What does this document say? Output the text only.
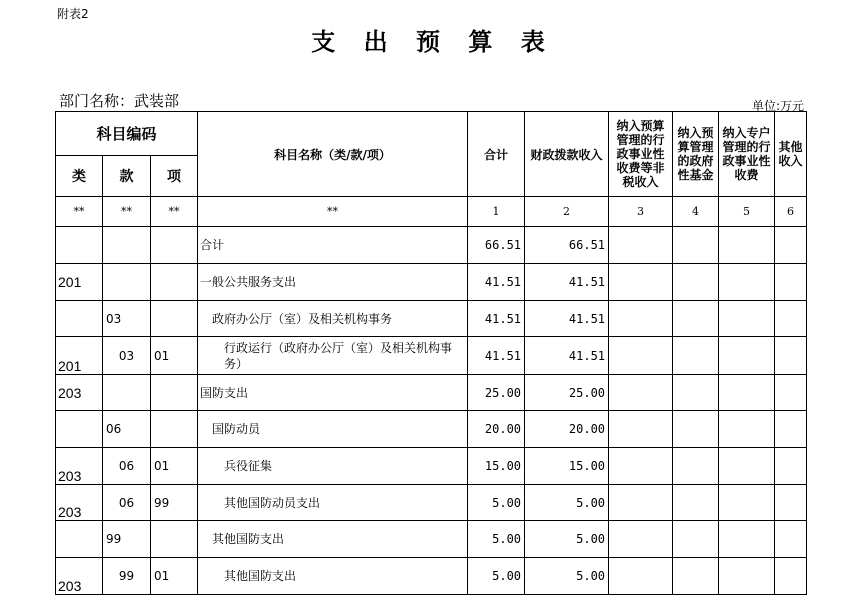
附表2
支 出 预 算 表
部门名称：武装部	单位:万元
科目编码			科目名称（类/款/项）	合计	财政拨款收入	纳入预算管理的行政事业性收费等非税收入	纳入预算管理的政府性基金	纳入专户管理的行政事业性收费	其他收入
类	款	项							
**	**	**	**	1	2	3	4	5	6
			合计	66.51	66.51				
201			一般公共服务支出	41.51	41.51				
	03		政府办公厅（室）及相关机构事务	41.51	41.51				
201	03	01	行政运行（政府办公厅（室）及相关机构事务）	41.51	41.51				
203			国防支出	25.00	25.00				
	06		国防动员	20.00	20.00				
203	06	01	兵役征集	15.00	15.00				
203	06	99	其他国防动员支出	5.00	5.00				
	99		其他国防支出	5.00	5.00				
203	99	01	其他国防支出	5.00	5.00				
